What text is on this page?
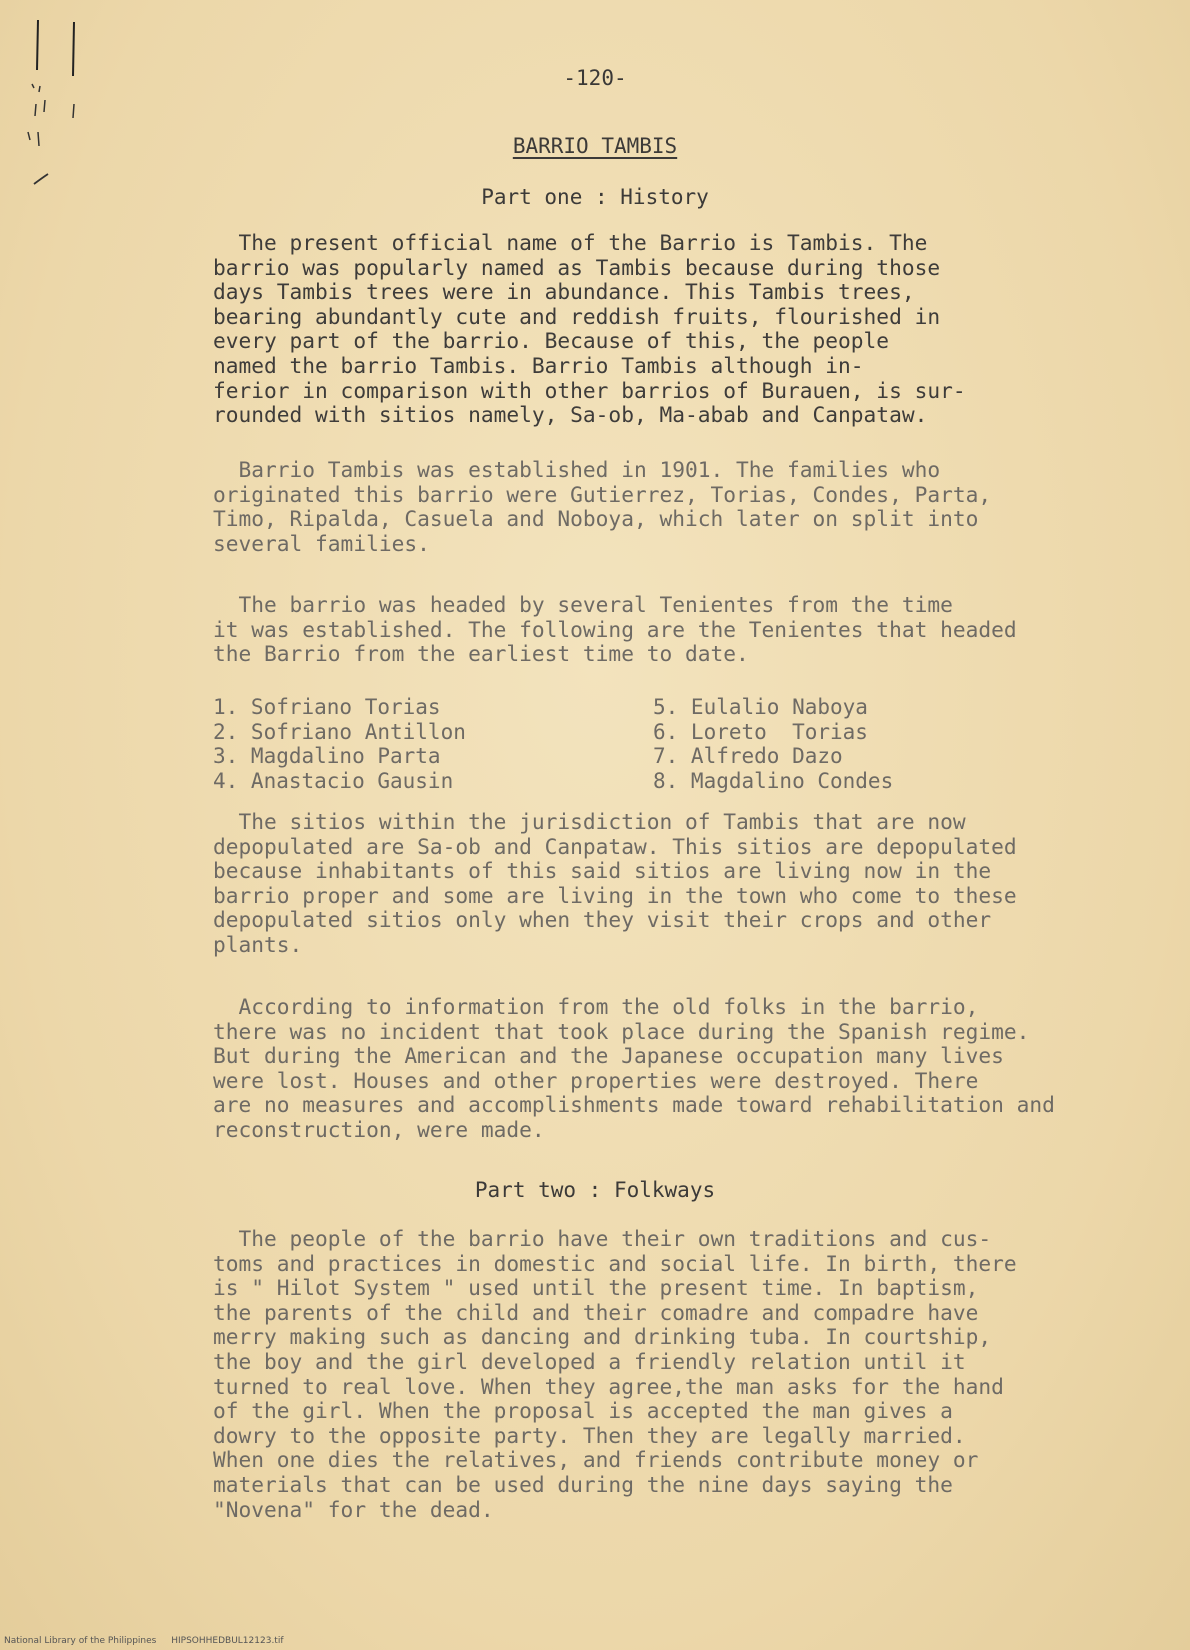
-120-
BARRIO TAMBIS
Part one : History

The present official name of the Barrio is Tambis. The
barrio was popularly named as Tambis because during those
days Tambis trees were in abundance. This Tambis trees,
bearing abundantly cute and reddish fruits, flourished in
every part of the barrio. Because of this, the people
named the barrio Tambis. Barrio Tambis although in-
ferior in comparison with other barrios of Burauen, is sur-
rounded with sitios namely, Sa-ob, Ma-abab and Canpataw.

Barrio Tambis was established in 1901. The families who
originated this barrio were Gutierrez, Torias, Condes, Parta,
Timo, Ripalda, Casuela and Noboya, which later on split into
several families.

The barrio was headed by several Tenientes from the time
it was established. The following are the Tenientes that headed
the Barrio from the earliest time to date.

1. Sofriano Torias
2. Sofriano Antillon
3. Magdalino Parta
4. Anastacio Gausin
5. Eulalio Naboya
6. Loreto  Torias
7. Alfredo Dazo
8. Magdalino Condes

The sitios within the jurisdiction of Tambis that are now
depopulated are Sa-ob and Canpataw. This sitios are depopulated
because inhabitants of this said sitios are living now in the
barrio proper and some are living in the town who come to these
depopulated sitios only when they visit their crops and other
plants.

According to information from the old folks in the barrio,
there was no incident that took place during the Spanish regime.
But during the American and the Japanese occupation many lives
were lost. Houses and other properties were destroyed. There
are no measures and accomplishments made toward rehabilitation and
reconstruction, were made.

Part two : Folkways

The people of the barrio have their own traditions and cus-
toms and practices in domestic and social life. In birth, there
is " Hilot System " used until the present time. In baptism,
the parents of the child and their comadre and compadre have
merry making such as dancing and drinking tuba. In courtship,
the boy and the girl developed a friendly relation until it
turned to real love. When they agree,the man asks for the hand
of the girl. When the proposal is accepted the man gives a
dowry to the opposite party. Then they are legally married.
When one dies the relatives, and friends contribute money or
materials that can be used during the nine days saying the
"Novena" for the dead.

National Library of the Philippines HIPSOHHEDBUL12123.tif
